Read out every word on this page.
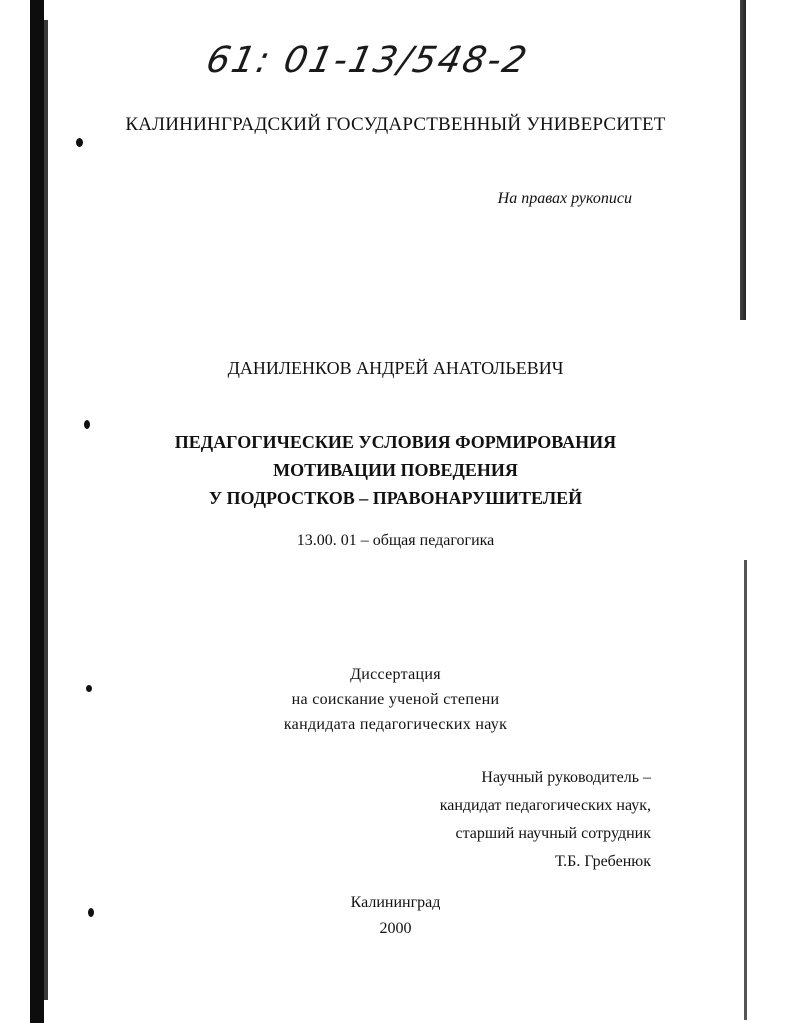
61: 01-13/548-2
КАЛИНИНГРАДСКИЙ ГОСУДАРСТВЕННЫЙ УНИВЕРСИТЕТ
На правах рукописи
ДАНИЛЕНКОВ АНДРЕЙ АНАТОЛЬЕВИЧ
ПЕДАГОГИЧЕСКИЕ УСЛОВИЯ ФОРМИРОВАНИЯ
МОТИВАЦИИ ПОВЕДЕНИЯ
У ПОДРОСТКОВ – ПРАВОНАРУШИТЕЛЕЙ
13.00. 01 – общая педагогика
Диссертация
на соискание ученой степени
кандидата педагогических наук
Научный руководитель –
кандидат педагогических наук,
старший научный сотрудник
Т.Б. Гребенюк
Калининград
2000
